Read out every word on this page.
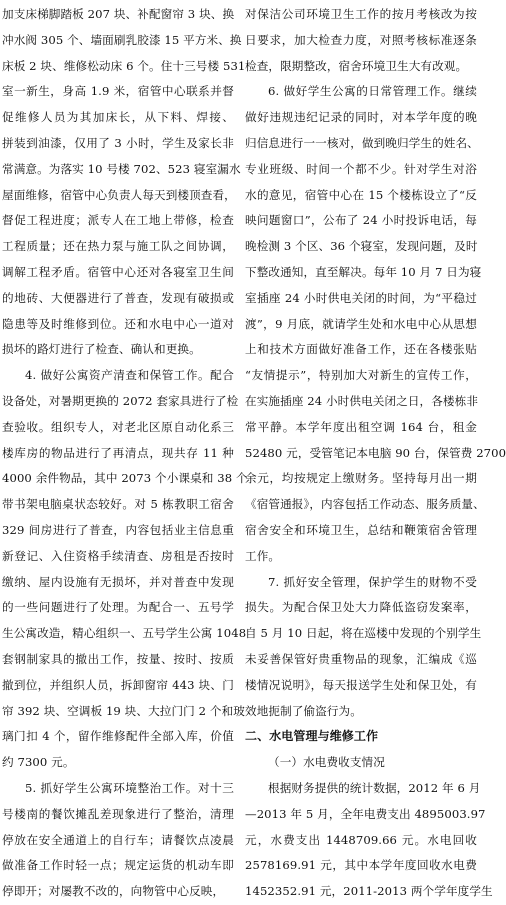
加支床梯脚踏板 207 块、补配窗帘 3 块、换
冲水阀 305 个、墙面刷乳胶漆 15 平方米、换
床板 2 块、维修松动床 6 个。住十三号楼 531
室一新生，身高 1.9 米，宿管中心联系并督
促维修人员为其加床长，从下料、焊接、
拼装到油漆，仅用了 3 小时，学生及家长非
常满意。为落实 10 号楼 702、523 寝室漏水
屋面维修，宿管中心负责人每天到楼顶查看，
督促工程进度；派专人在工地上带修，检查
工程质量；还在热力泵与施工队之间协调，
调解工程矛盾。宿管中心还对各寝室卫生间
的地砖、大便器进行了普查，发现有破损或
隐患等及时维修到位。还和水电中心一道对
损坏的路灯进行了检查、确认和更换。
4. 做好公寓资产清查和保管工作。配合
设备处，对暑期更换的 2072 套家具进行了检
查验收。组织专人，对老北区原自动化系三
楼库房的物品进行了再清点，现共存 11 种
4000 余件物品，其中 2073 个小课桌和 38 个
带书架电脑桌状态较好。对 5 栋教职工宿舍
329 间房进行了普查，内容包括业主信息重
新登记、入住资格手续清查、房租是否按时
缴纳、屋内设施有无损坏，并对普查中发现
的一些问题进行了处理。为配合一、五号学
生公寓改造，精心组织一、五号学生公寓 1048
套钢制家具的撤出工作，按量、按时、按质
撤到位，并组织人员，拆卸窗帘 443 块、门
帘 392 块、空调板 19 块、大拉门门 2 个和玻
璃门扣 4 个，留作维修配件全部入库，价值
约 7300 元。
5. 抓好学生公寓环境整治工作。对十三
号楼南的餐饮摊乱差现象进行了整治，清理
停放在安全通道上的自行车；请餐饮点凌晨
做准备工作时轻一点；规定运货的机动车即
停即开；对屡教不改的，向物管中心反映，
对保洁公司环境卫生工作的按月考核改为按
日要求，加大检查力度，对照考核标准逐条
检查，限期整改，宿舍环境卫生大有改观。
6. 做好学生公寓的日常管理工作。继续
做好违规违纪记录的同时，对本学年度的晚
归信息进行一一核对，做到晚归学生的姓名、
专业班级、时间一个都不少。针对学生对浴
水的意见，宿管中心在 15 个楼栋设立了“反
映问题窗口”，公布了 24 小时投诉电话，每
晚检测 3 个区、36 个寝室，发现问题，及时
下整改通知，直至解决。每年 10 月 7 日为寝
室插座 24 小时供电关闭的时间，为“平稳过
渡”，9 月底，就请学生处和水电中心从思想
上和技术方面做好准备工作，还在各楼张贴
“友情提示”，特别加大对新生的宣传工作，
在实施插座 24 小时供电关闭之日，各楼栋非
常平静。本学年度出租空调 164 台，租金
52480 元，受管笔记本电脑 90 台，保管费 2700
余元，均按规定上缴财务。坚持每月出一期
《宿管通报》，内容包括工作动态、服务质量、
宿舍安全和环境卫生，总结和鞭策宿舍管理
工作。
7. 抓好安全管理，保护学生的财物不受
损失。为配合保卫处大力降低盗窃发案率，
自 5 月 10 日起，将在巡楼中发现的个别学生
未妥善保管好贵重物品的现象，汇编成《巡
楼情况说明》，每天报送学生处和保卫处，有
效地扼制了偷盗行为。
二、水电管理与维修工作
（一）水电费收支情况
根据财务提供的统计数据，2012 年 6 月
—2013 年 5 月，全年电费支出 4895003.97
元，水费支出 1448709.66 元。水电回收
2578169.91 元，其中本学年度回收水电费
1452352.91 元，2011-2013 两个学年度学生
